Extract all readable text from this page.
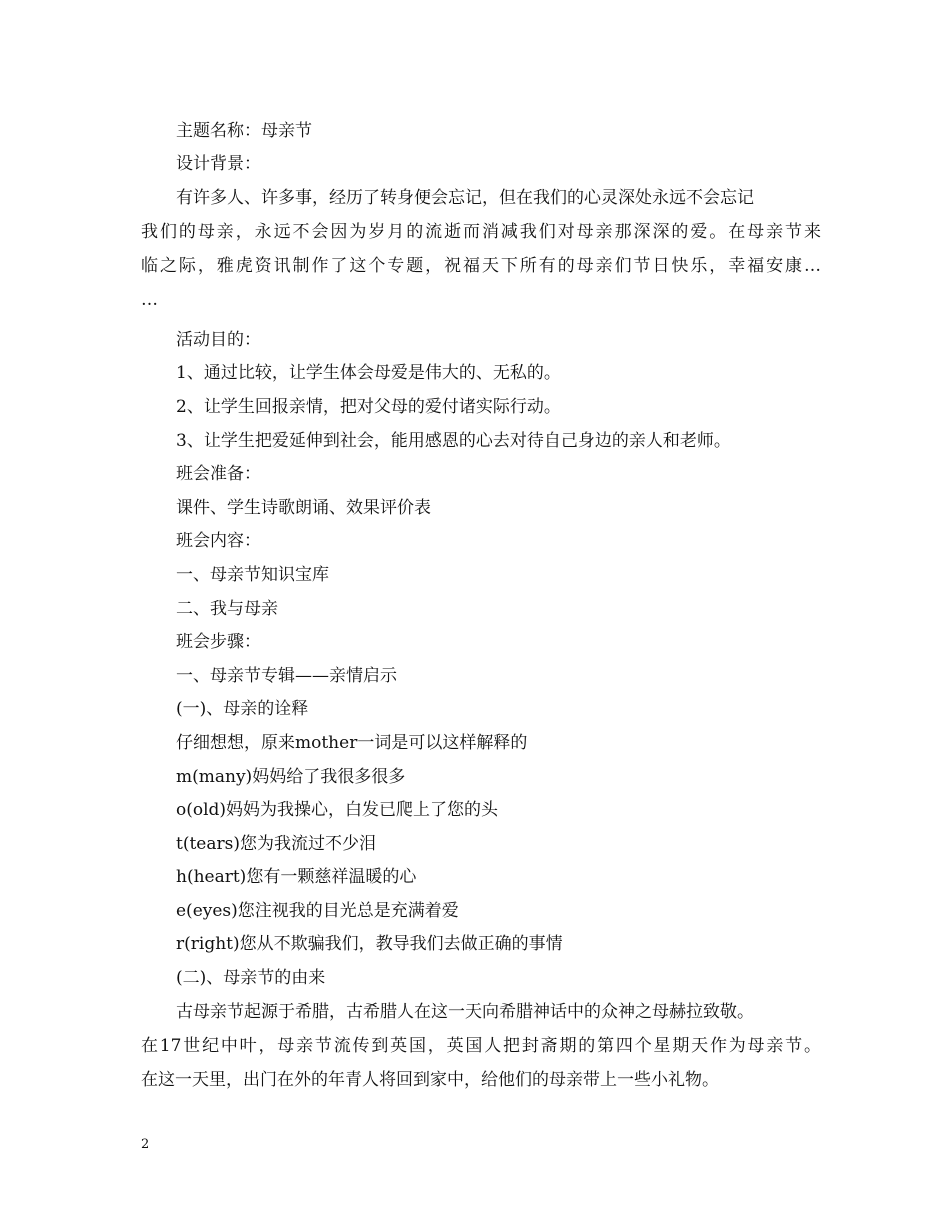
主题名称：母亲节
设计背景：
有许多人、许多事，经历了转身便会忘记，但在我们的心灵深处永远不会忘记
我们的母亲，永远不会因为岁月的流逝而消减我们对母亲那深深的爱。在母亲节来
临之际，雅虎资讯制作了这个专题，祝福天下所有的母亲们节日快乐，幸福安康…
…
活动目的：
1、通过比较，让学生体会母爱是伟大的、无私的。
2、让学生回报亲情，把对父母的爱付诸实际行动。
3、让学生把爱延伸到社会，能用感恩的心去对待自己身边的亲人和老师。
班会准备：
课件、学生诗歌朗诵、效果评价表
班会内容：
一、母亲节知识宝库
二、我与母亲
班会步骤：
一、母亲节专辑——亲情启示
(一)、母亲的诠释
仔细想想，原来mother一词是可以这样解释的
m(many)妈妈给了我很多很多
o(old)妈妈为我操心，白发已爬上了您的头
t(tears)您为我流过不少泪
h(heart)您有一颗慈祥温暖的心
e(eyes)您注视我的目光总是充满着爱
r(right)您从不欺骗我们，教导我们去做正确的事情
(二)、母亲节的由来
古母亲节起源于希腊，古希腊人在这一天向希腊神话中的众神之母赫拉致敬。
在17世纪中叶，母亲节流传到英国，英国人把封斋期的第四个星期天作为母亲节。
在这一天里，出门在外的年青人将回到家中，给他们的母亲带上一些小礼物。
2
